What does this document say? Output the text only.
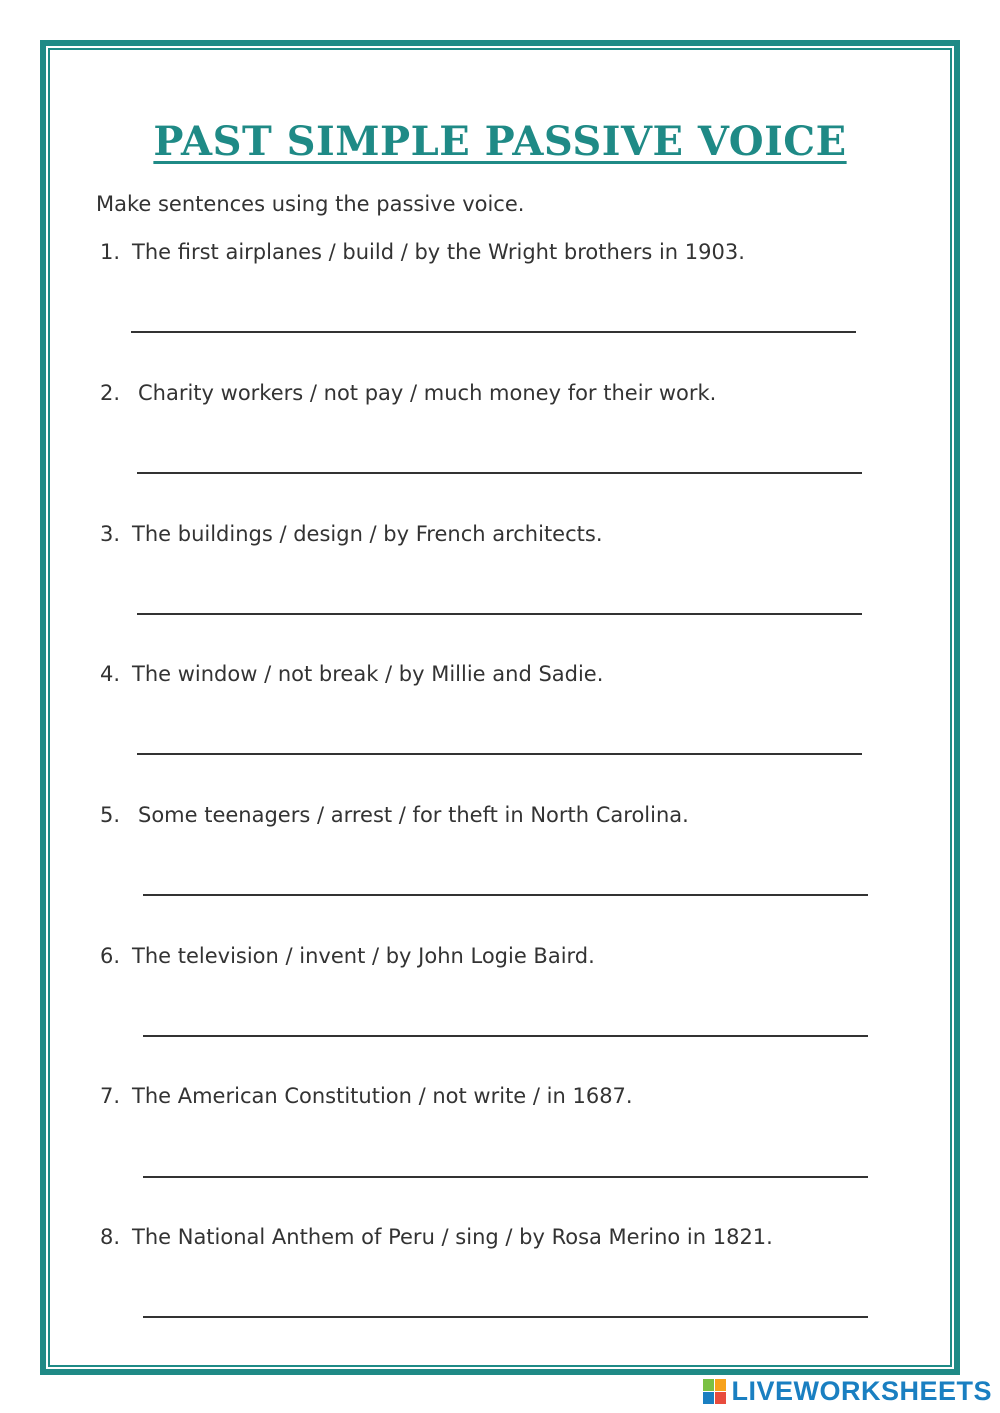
PAST SIMPLE PASSIVE VOICE

Make sentences using the passive voice.

1. The first airplanes / build / by the Wright brothers in 1903.

2. Charity workers / not pay / much money for their work.

3. The buildings / design / by French architects.

4. The window / not break / by Millie and Sadie.

5. Some teenagers / arrest / for theft in North Carolina.

6. The television / invent / by John Logie Baird.

7. The American Constitution / not write / in 1687.

8. The National Anthem of Peru / sing / by Rosa Merino in 1821.

LIVEWORKSHEETS
